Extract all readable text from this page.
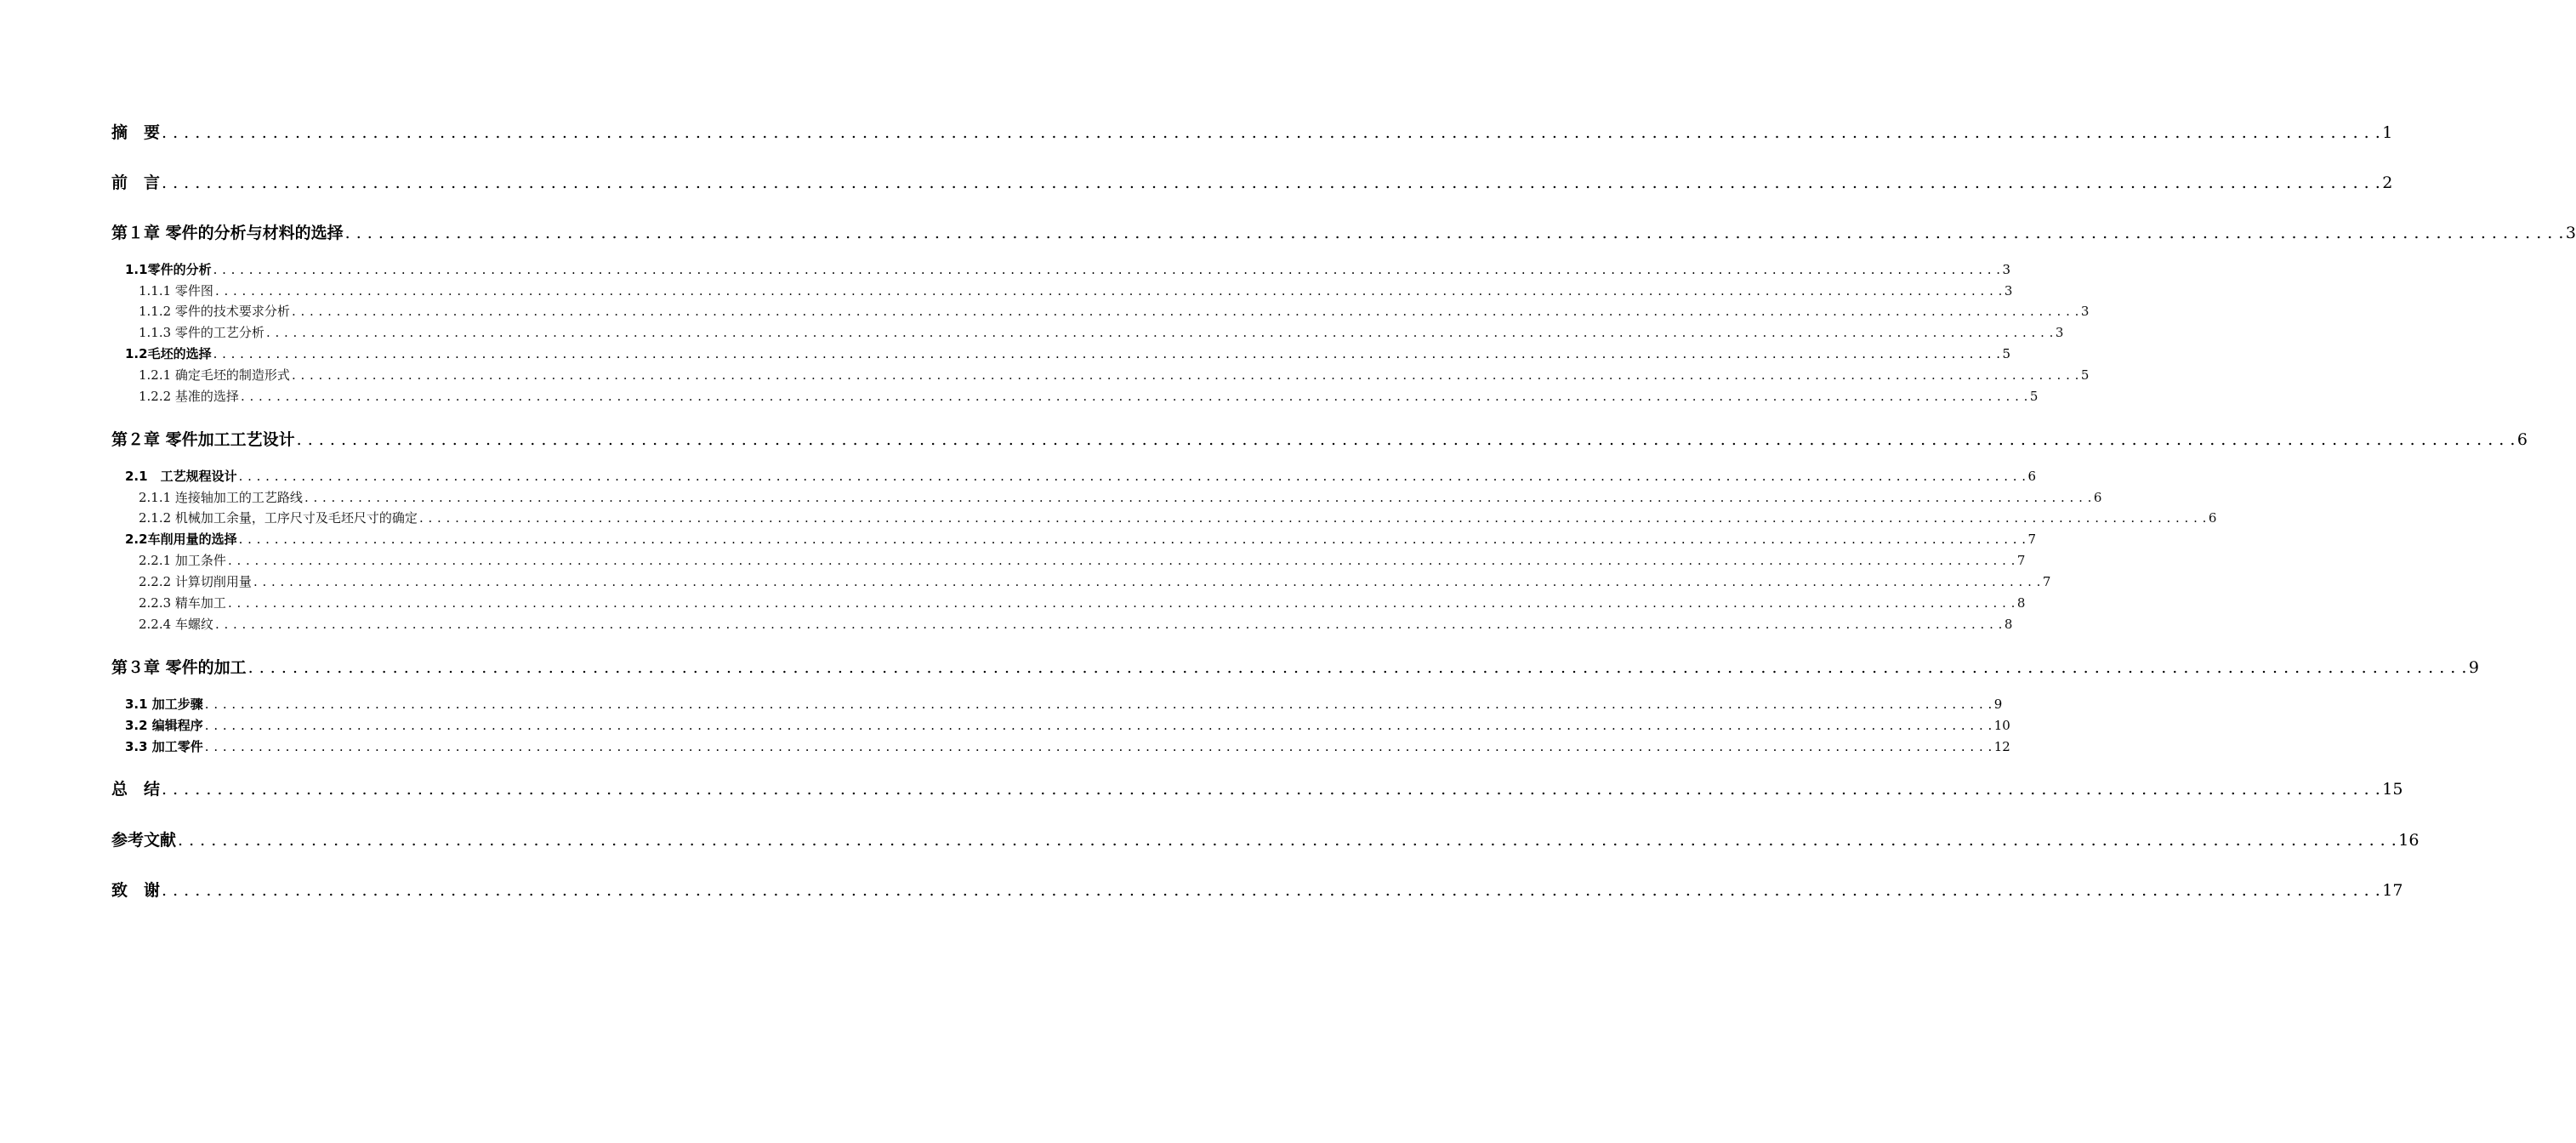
摘　要 . . . . . . . . . . . . . . . . . . . . . . . . . . . . . . . . . . . . . . . . . . . . . . . . . . . . . . . . . . . . . . . . . . . . . . . . . . . . . . . . . . . . . . . . . . . . . . . . . . . . . . . . . . . . . . . . . . . . . . . . . . . . . . . . . . . . . . . . . . . . . . . . . . . . . . . . . . . . . . . . . . . . . . . . . . . . . . . . . . . . . . . . . . . . . . . . . . . . . . . . 1
前　言 . . . . . . . . . . . . . . . . . . . . . . . . . . . . . . . . . . . . . . . . . . . . . . . . . . . . . . . . . . . . . . . . . . . . . . . . . . . . . . . . . . . . . . . . . . . . . . . . . . . . . . . . . . . . . . . . . . . . . . . . . . . . . . . . . . . . . . . . . . . . . . . . . . . . . . . . . . . . . . . . . . . . . . . . . . . . . . . . . . . . . . . . . . . . . . . . . . . . . . . . 2
第１章 零件的分析与材料的选择 . . . . . . . . . . . . . . . . . . . . . . . . . . . . . . . . . . . . . . . . . . . . . . . . . . . . . . . . . . . . . . . . . . . . . . . . . . . . . . . . . . . . . . . . . . . . . . . . . . . . . . . . . . . . . . . . . . . . . . . . . . . . . . . . . . . . . . . . . . . . . . . . . . . . . . . . . . . . . . . . . . . . . . . . . . . . . . . . . . . . . . . . . . . . . . . . . . . . . . . . 3
1.1零件的分析 . . . . . . . . . . . . . . . . . . . . . . . . . . . . . . . . . . . . . . . . . . . . . . . . . . . . . . . . . . . . . . . . . . . . . . . . . . . . . . . . . . . . . . . . . . . . . . . . . . . . . . . . . . . . . . . . . . . . . . . . . . . . . . . . . . . . . . . . . . . . . . . . . . . . . . . . . . . . . . . . . . . . . . . . . . . . . . . . . . . . . . . . . . . . . . . . . . . . . . . . 3
1.1.1 零件图 . . . . . . . . . . . . . . . . . . . . . . . . . . . . . . . . . . . . . . . . . . . . . . . . . . . . . . . . . . . . . . . . . . . . . . . . . . . . . . . . . . . . . . . . . . . . . . . . . . . . . . . . . . . . . . . . . . . . . . . . . . . . . . . . . . . . . . . . . . . . . . . . . . . . . . . . . . . . . . . . . . . . . . . . . . . . . . . . . . . . . . . . . . . . . . . . . . . . . . . . 3
1.1.2 零件的技术要求分析 . . . . . . . . . . . . . . . . . . . . . . . . . . . . . . . . . . . . . . . . . . . . . . . . . . . . . . . . . . . . . . . . . . . . . . . . . . . . . . . . . . . . . . . . . . . . . . . . . . . . . . . . . . . . . . . . . . . . . . . . . . . . . . . . . . . . . . . . . . . . . . . . . . . . . . . . . . . . . . . . . . . . . . . . . . . . . . . . . . . . . . . . . . . . . . . . . . . . . . . . 3
1.1.3 零件的工艺分析 . . . . . . . . . . . . . . . . . . . . . . . . . . . . . . . . . . . . . . . . . . . . . . . . . . . . . . . . . . . . . . . . . . . . . . . . . . . . . . . . . . . . . . . . . . . . . . . . . . . . . . . . . . . . . . . . . . . . . . . . . . . . . . . . . . . . . . . . . . . . . . . . . . . . . . . . . . . . . . . . . . . . . . . . . . . . . . . . . . . . . . . . . . . . . . . . . . . . . . . . 3
1.2毛坯的选择 . . . . . . . . . . . . . . . . . . . . . . . . . . . . . . . . . . . . . . . . . . . . . . . . . . . . . . . . . . . . . . . . . . . . . . . . . . . . . . . . . . . . . . . . . . . . . . . . . . . . . . . . . . . . . . . . . . . . . . . . . . . . . . . . . . . . . . . . . . . . . . . . . . . . . . . . . . . . . . . . . . . . . . . . . . . . . . . . . . . . . . . . . . . . . . . . . . . . . . . . 5
1.2.1 确定毛坯的制造形式 . . . . . . . . . . . . . . . . . . . . . . . . . . . . . . . . . . . . . . . . . . . . . . . . . . . . . . . . . . . . . . . . . . . . . . . . . . . . . . . . . . . . . . . . . . . . . . . . . . . . . . . . . . . . . . . . . . . . . . . . . . . . . . . . . . . . . . . . . . . . . . . . . . . . . . . . . . . . . . . . . . . . . . . . . . . . . . . . . . . . . . . . . . . . . . . . . . . . . . . . 5
1.2.2 基准的选择 . . . . . . . . . . . . . . . . . . . . . . . . . . . . . . . . . . . . . . . . . . . . . . . . . . . . . . . . . . . . . . . . . . . . . . . . . . . . . . . . . . . . . . . . . . . . . . . . . . . . . . . . . . . . . . . . . . . . . . . . . . . . . . . . . . . . . . . . . . . . . . . . . . . . . . . . . . . . . . . . . . . . . . . . . . . . . . . . . . . . . . . . . . . . . . . . . . . . . . . . 5
第２章 零件加工工艺设计 . . . . . . . . . . . . . . . . . . . . . . . . . . . . . . . . . . . . . . . . . . . . . . . . . . . . . . . . . . . . . . . . . . . . . . . . . . . . . . . . . . . . . . . . . . . . . . . . . . . . . . . . . . . . . . . . . . . . . . . . . . . . . . . . . . . . . . . . . . . . . . . . . . . . . . . . . . . . . . . . . . . . . . . . . . . . . . . . . . . . . . . . . . . . . . . . . . . . . . . . 6
2.1　工艺规程设计 . . . . . . . . . . . . . . . . . . . . . . . . . . . . . . . . . . . . . . . . . . . . . . . . . . . . . . . . . . . . . . . . . . . . . . . . . . . . . . . . . . . . . . . . . . . . . . . . . . . . . . . . . . . . . . . . . . . . . . . . . . . . . . . . . . . . . . . . . . . . . . . . . . . . . . . . . . . . . . . . . . . . . . . . . . . . . . . . . . . . . . . . . . . . . . . . . . . . . . . . 6
2.1.1 连接轴加工的工艺路线 . . . . . . . . . . . . . . . . . . . . . . . . . . . . . . . . . . . . . . . . . . . . . . . . . . . . . . . . . . . . . . . . . . . . . . . . . . . . . . . . . . . . . . . . . . . . . . . . . . . . . . . . . . . . . . . . . . . . . . . . . . . . . . . . . . . . . . . . . . . . . . . . . . . . . . . . . . . . . . . . . . . . . . . . . . . . . . . . . . . . . . . . . . . . . . . . . . . . . . . . 6
2.1.2 机械加工余量，工序尺寸及毛坯尺寸的确定 . . . . . . . . . . . . . . . . . . . . . . . . . . . . . . . . . . . . . . . . . . . . . . . . . . . . . . . . . . . . . . . . . . . . . . . . . . . . . . . . . . . . . . . . . . . . . . . . . . . . . . . . . . . . . . . . . . . . . . . . . . . . . . . . . . . . . . . . . . . . . . . . . . . . . . . . . . . . . . . . . . . . . . . . . . . . . . . . . . . . . . . . . . . . . . . . . . . . . . . . 6
2.2车削用量的选择 . . . . . . . . . . . . . . . . . . . . . . . . . . . . . . . . . . . . . . . . . . . . . . . . . . . . . . . . . . . . . . . . . . . . . . . . . . . . . . . . . . . . . . . . . . . . . . . . . . . . . . . . . . . . . . . . . . . . . . . . . . . . . . . . . . . . . . . . . . . . . . . . . . . . . . . . . . . . . . . . . . . . . . . . . . . . . . . . . . . . . . . . . . . . . . . . . . . . . . . . 7
2.2.1 加工条件 . . . . . . . . . . . . . . . . . . . . . . . . . . . . . . . . . . . . . . . . . . . . . . . . . . . . . . . . . . . . . . . . . . . . . . . . . . . . . . . . . . . . . . . . . . . . . . . . . . . . . . . . . . . . . . . . . . . . . . . . . . . . . . . . . . . . . . . . . . . . . . . . . . . . . . . . . . . . . . . . . . . . . . . . . . . . . . . . . . . . . . . . . . . . . . . . . . . . . . . . 7
2.2.2 计算切削用量 . . . . . . . . . . . . . . . . . . . . . . . . . . . . . . . . . . . . . . . . . . . . . . . . . . . . . . . . . . . . . . . . . . . . . . . . . . . . . . . . . . . . . . . . . . . . . . . . . . . . . . . . . . . . . . . . . . . . . . . . . . . . . . . . . . . . . . . . . . . . . . . . . . . . . . . . . . . . . . . . . . . . . . . . . . . . . . . . . . . . . . . . . . . . . . . . . . . . . . . . 7
2.2.3 精车加工 . . . . . . . . . . . . . . . . . . . . . . . . . . . . . . . . . . . . . . . . . . . . . . . . . . . . . . . . . . . . . . . . . . . . . . . . . . . . . . . . . . . . . . . . . . . . . . . . . . . . . . . . . . . . . . . . . . . . . . . . . . . . . . . . . . . . . . . . . . . . . . . . . . . . . . . . . . . . . . . . . . . . . . . . . . . . . . . . . . . . . . . . . . . . . . . . . . . . . . . . 8
2.2.4 车螺纹 . . . . . . . . . . . . . . . . . . . . . . . . . . . . . . . . . . . . . . . . . . . . . . . . . . . . . . . . . . . . . . . . . . . . . . . . . . . . . . . . . . . . . . . . . . . . . . . . . . . . . . . . . . . . . . . . . . . . . . . . . . . . . . . . . . . . . . . . . . . . . . . . . . . . . . . . . . . . . . . . . . . . . . . . . . . . . . . . . . . . . . . . . . . . . . . . . . . . . . . . 8
第３章 零件的加工 . . . . . . . . . . . . . . . . . . . . . . . . . . . . . . . . . . . . . . . . . . . . . . . . . . . . . . . . . . . . . . . . . . . . . . . . . . . . . . . . . . . . . . . . . . . . . . . . . . . . . . . . . . . . . . . . . . . . . . . . . . . . . . . . . . . . . . . . . . . . . . . . . . . . . . . . . . . . . . . . . . . . . . . . . . . . . . . . . . . . . . . . . . . . . . . . . . . . . . . . 9
3.1 加工步骤 . . . . . . . . . . . . . . . . . . . . . . . . . . . . . . . . . . . . . . . . . . . . . . . . . . . . . . . . . . . . . . . . . . . . . . . . . . . . . . . . . . . . . . . . . . . . . . . . . . . . . . . . . . . . . . . . . . . . . . . . . . . . . . . . . . . . . . . . . . . . . . . . . . . . . . . . . . . . . . . . . . . . . . . . . . . . . . . . . . . . . . . . . . . . . . . . . . . . . . . . 9
3.2 编辑程序 . . . . . . . . . . . . . . . . . . . . . . . . . . . . . . . . . . . . . . . . . . . . . . . . . . . . . . . . . . . . . . . . . . . . . . . . . . . . . . . . . . . . . . . . . . . . . . . . . . . . . . . . . . . . . . . . . . . . . . . . . . . . . . . . . . . . . . . . . . . . . . . . . . . . . . . . . . . . . . . . . . . . . . . . . . . . . . . . . . . . . . . . . . . . . . . . . . . . . . . . 10
3.3 加工零件 . . . . . . . . . . . . . . . . . . . . . . . . . . . . . . . . . . . . . . . . . . . . . . . . . . . . . . . . . . . . . . . . . . . . . . . . . . . . . . . . . . . . . . . . . . . . . . . . . . . . . . . . . . . . . . . . . . . . . . . . . . . . . . . . . . . . . . . . . . . . . . . . . . . . . . . . . . . . . . . . . . . . . . . . . . . . . . . . . . . . . . . . . . . . . . . . . . . . . . . . 12
总　结 . . . . . . . . . . . . . . . . . . . . . . . . . . . . . . . . . . . . . . . . . . . . . . . . . . . . . . . . . . . . . . . . . . . . . . . . . . . . . . . . . . . . . . . . . . . . . . . . . . . . . . . . . . . . . . . . . . . . . . . . . . . . . . . . . . . . . . . . . . . . . . . . . . . . . . . . . . . . . . . . . . . . . . . . . . . . . . . . . . . . . . . . . . . . . . . . . . . . . . . . 15
参考文献 . . . . . . . . . . . . . . . . . . . . . . . . . . . . . . . . . . . . . . . . . . . . . . . . . . . . . . . . . . . . . . . . . . . . . . . . . . . . . . . . . . . . . . . . . . . . . . . . . . . . . . . . . . . . . . . . . . . . . . . . . . . . . . . . . . . . . . . . . . . . . . . . . . . . . . . . . . . . . . . . . . . . . . . . . . . . . . . . . . . . . . . . . . . . . . . . . . . . . . . . 16
致　谢 . . . . . . . . . . . . . . . . . . . . . . . . . . . . . . . . . . . . . . . . . . . . . . . . . . . . . . . . . . . . . . . . . . . . . . . . . . . . . . . . . . . . . . . . . . . . . . . . . . . . . . . . . . . . . . . . . . . . . . . . . . . . . . . . . . . . . . . . . . . . . . . . . . . . . . . . . . . . . . . . . . . . . . . . . . . . . . . . . . . . . . . . . . . . . . . . . . . . . . . . 17
